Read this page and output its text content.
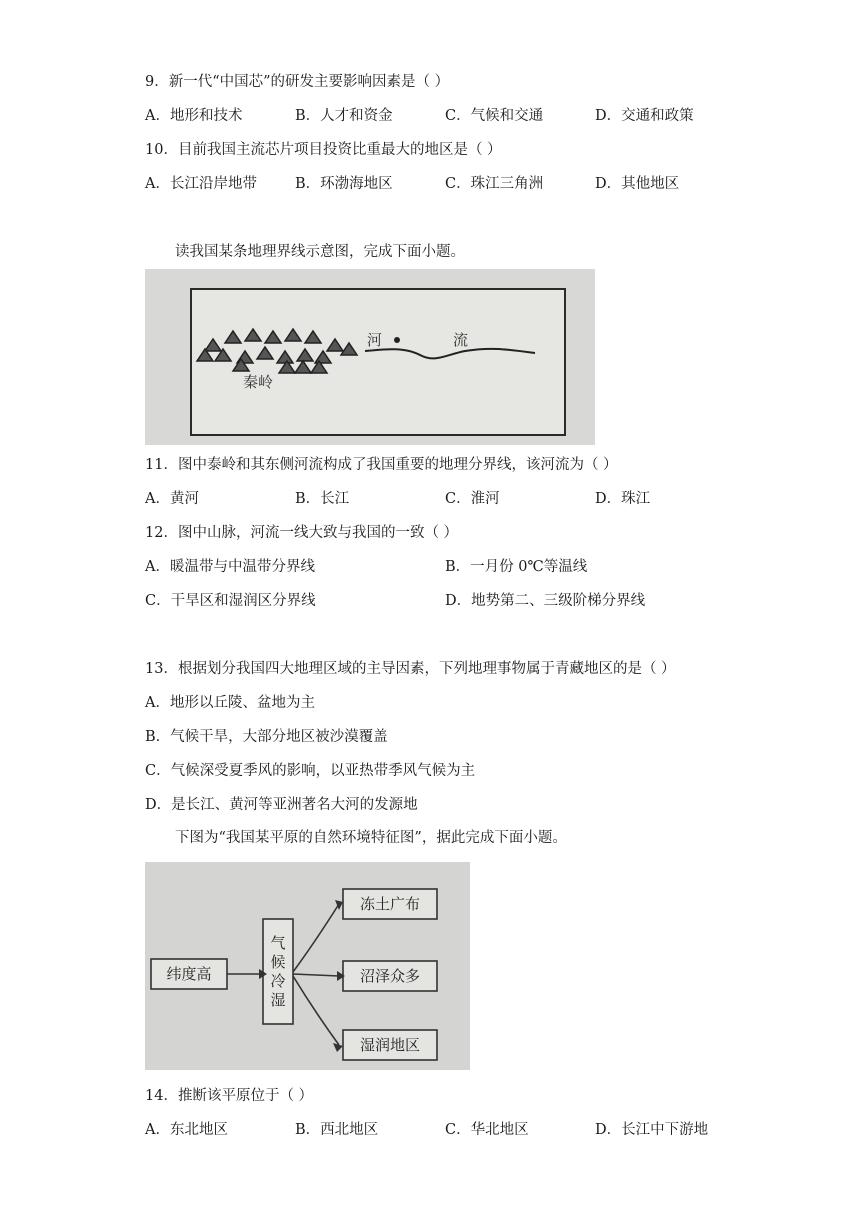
9．新一代“中国芯”的研发主要影响因素是（ ）
A．地形和技术	B．人才和资金	C．气候和交通	D．交通和政策
10．目前我国主流芯片项目投资比重最大的地区是（ ）
A．长江沿岸地带	B．环渤海地区	C．珠江三角洲	D．其他地区
读我国某条地理界线示意图，完成下面小题。
秦岭
河	流
11．图中泰岭和其东侧河流构成了我国重要的地理分界线，该河流为（ ）
A．黄河	B．长江	C．淮河	D．珠江
12．图中山脉，河流一线大致与我国的一致（ ）
A．暖温带与中温带分界线	B．一月份 0℃等温线
C．干旱区和湿润区分界线	D．地势第二、三级阶梯分界线
13．根据划分我国四大地理区域的主导因素，下列地理事物属于青藏地区的是（ ）
A．地形以丘陵、盆地为主
B．气候干旱，大部分地区被沙漠覆盖
C．气候深受夏季风的影响，以亚热带季风气候为主
D．是长江、黄河等亚洲著名大河的发源地
下图为“我国某平原的自然环境特征图”，据此完成下面小题。
纬度高	气候冷湿
冻土广布
沼泽众多
湿润地区
14．推断该平原位于（ ）
A．东北地区	B．西北地区	C．华北地区	D．长江中下游地
